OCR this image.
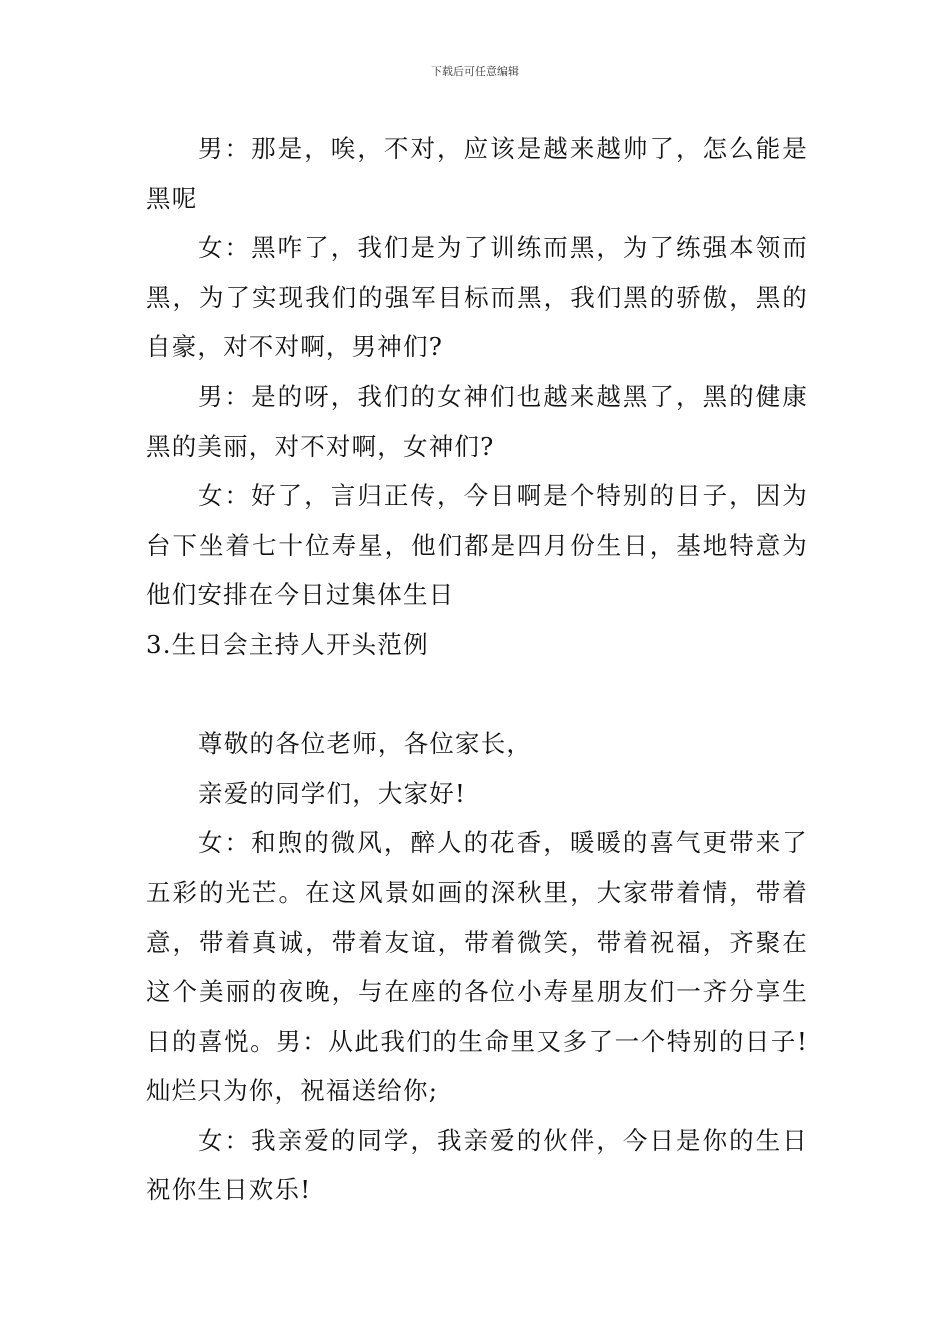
下载后可任意编辑

男：那是，唉，不对，应该是越来越帅了，怎么能是黑呢

女：黑咋了，我们是为了训练而黑，为了练强本领而黑，为了实现我们的强军目标而黑，我们黑的骄傲，黑的自豪，对不对啊，男神们?

男：是的呀，我们的女神们也越来越黑了，黑的健康黑的美丽，对不对啊，女神们?

女：好了，言归正传，今日啊是个特别的日子，因为台下坐着七十位寿星，他们都是四月份生日，基地特意为他们安排在今日过集体生日

3.生日会主持人开头范例

尊敬的各位老师，各位家长，

亲爱的同学们，大家好!

女：和煦的微风，醉人的花香，暖暖的喜气更带来了五彩的光芒。在这风景如画的深秋里，大家带着情，带着意，带着真诚，带着友谊，带着微笑，带着祝福，齐聚在这个美丽的夜晚，与在座的各位小寿星朋友们一齐分享生日的喜悦。男：从此我们的生命里又多了一个特别的日子!灿烂只为你，祝福送给你;

女：我亲爱的同学，我亲爱的伙伴，今日是你的生日祝你生日欢乐!
